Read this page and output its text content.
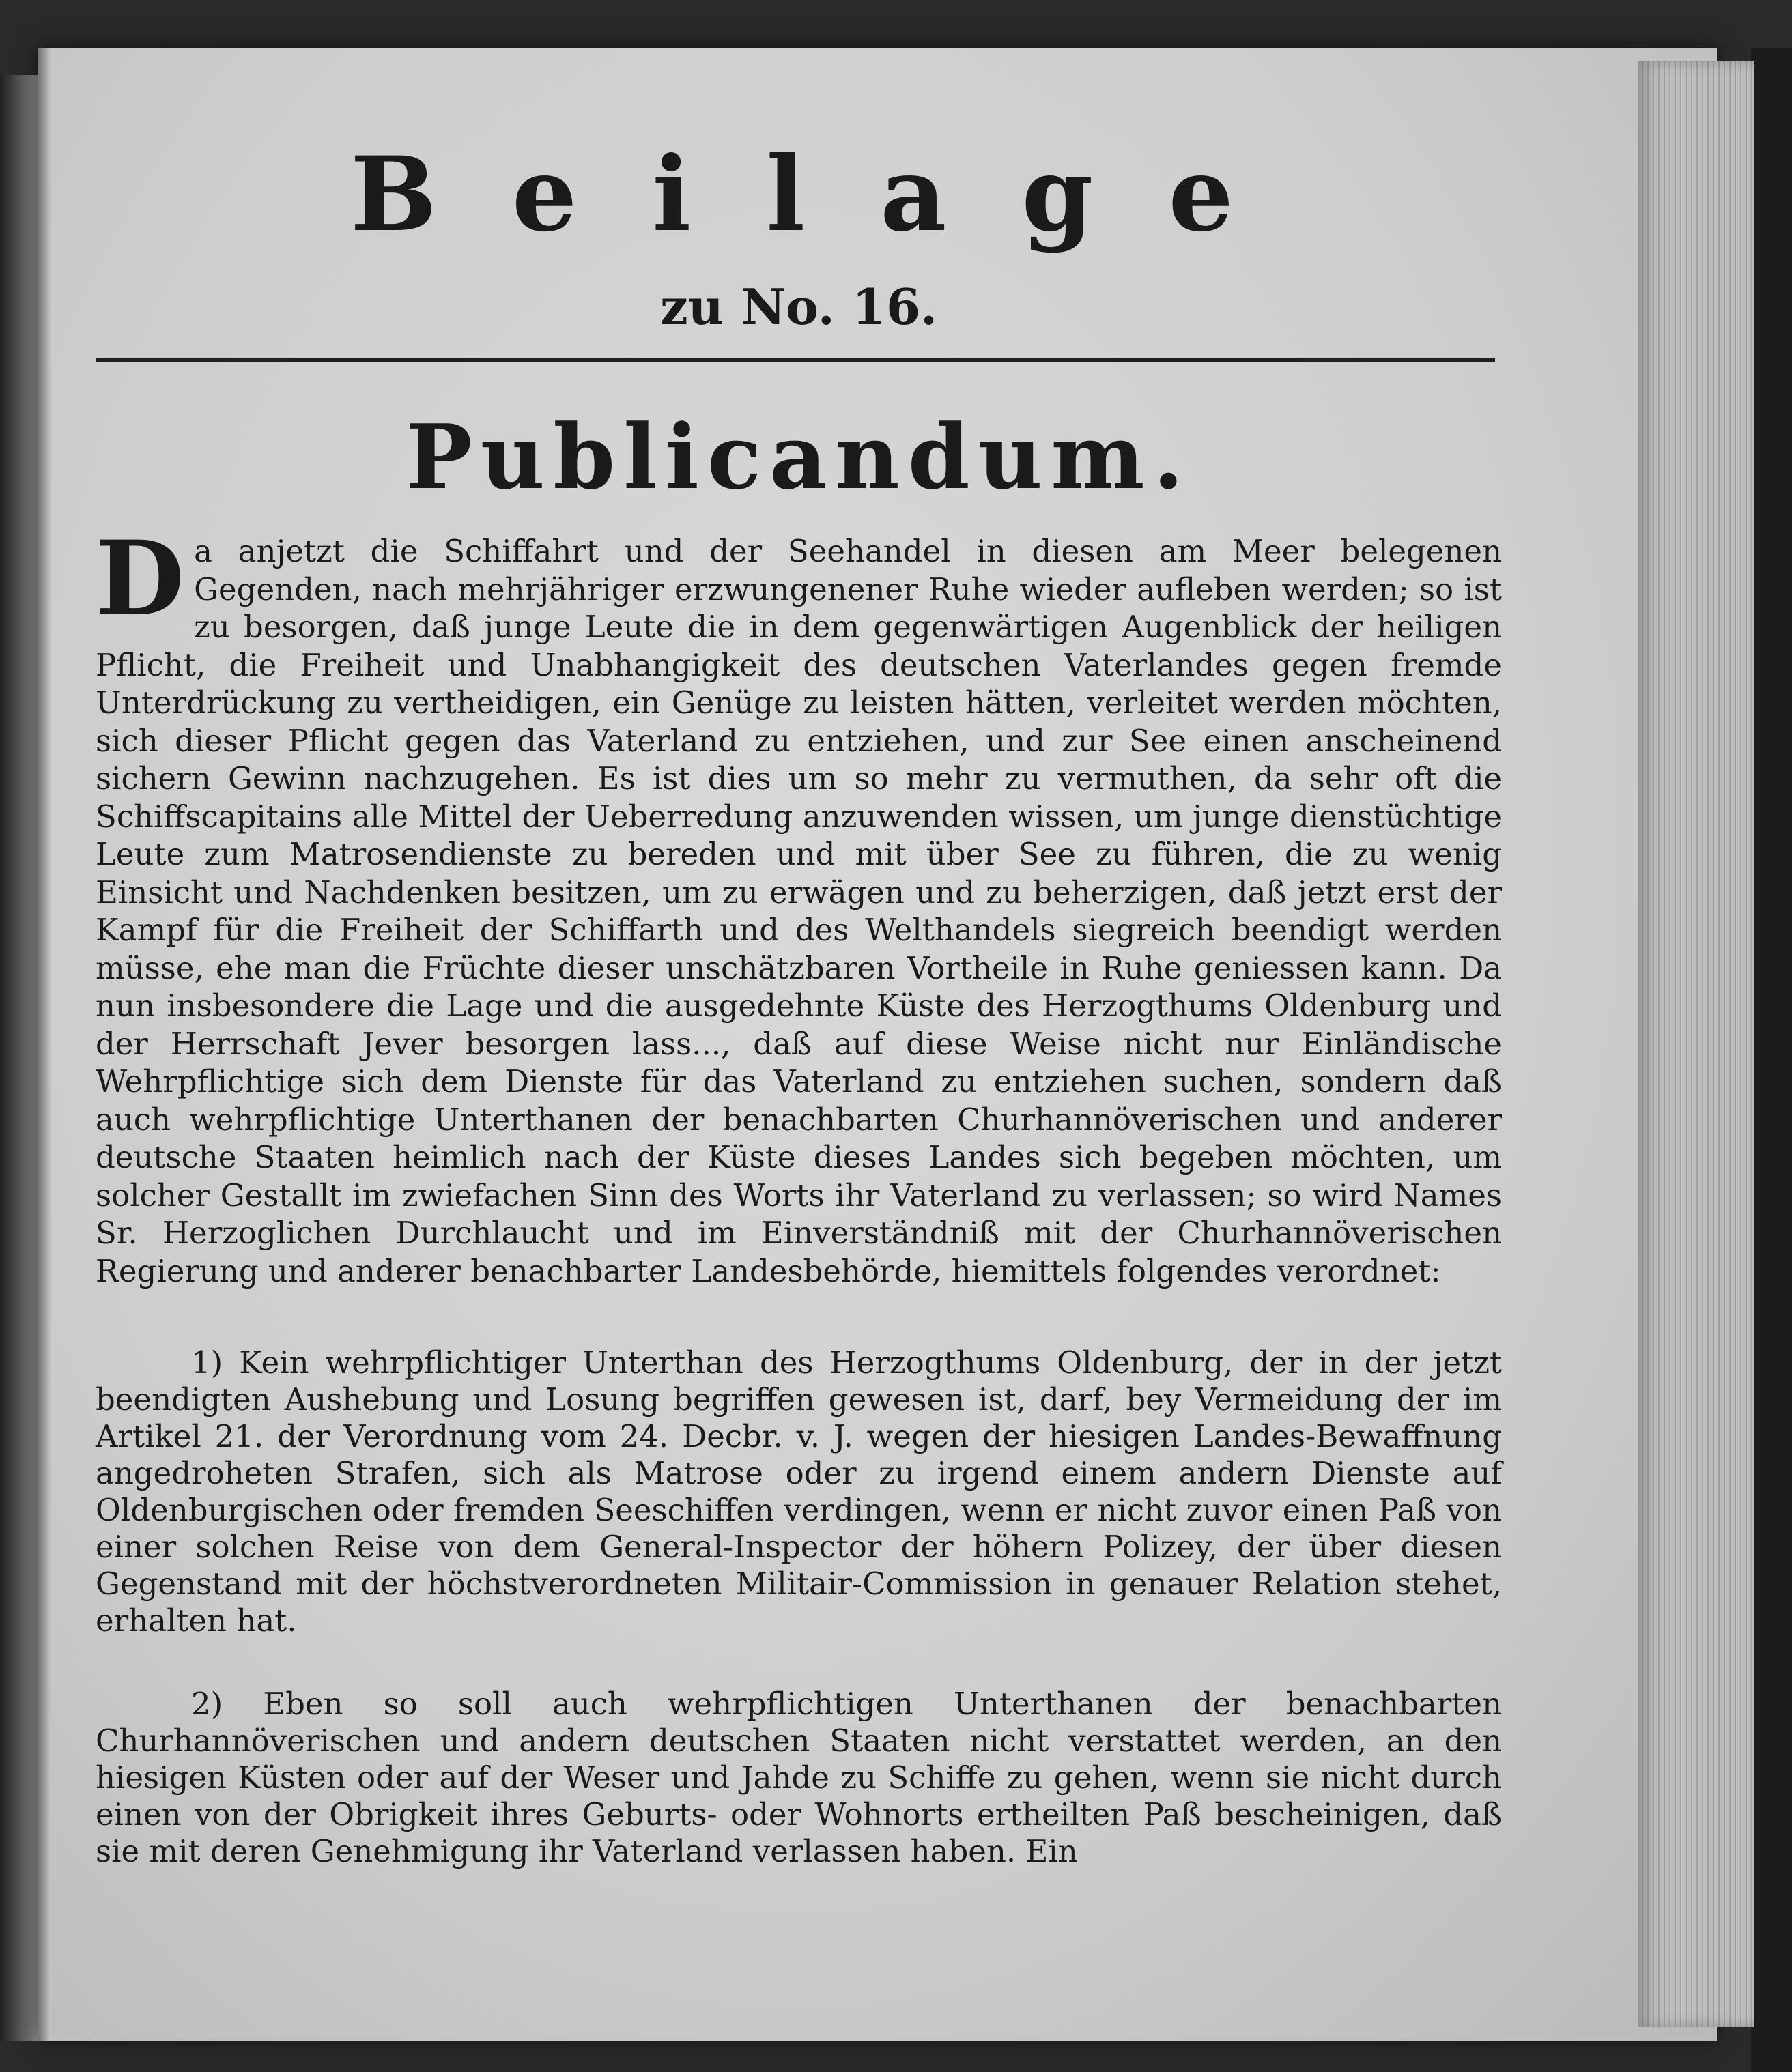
Beilage
zu No. 16.
Publicandum.
D a anjetzt die Schiffahrt und der Seehandel in diesen am Meer belegenen Gegenden, nach mehrjähriger erzwungenener Ruhe wieder aufleben werden; so ist zu besorgen, daß junge Leute die in dem gegenwärtigen Augenblick der heiligen Pflicht, die Freiheit und Unabhangigkeit des deutschen Vaterlandes gegen fremde Unterdrückung zu vertheidigen, ein Genüge zu leisten hätten, verleitet werden möchten, sich dieser Pflicht gegen das Vaterland zu entziehen, und zur See einen anscheinend sichern Gewinn nachzugehen. Es ist dies um so mehr zu vermuthen, da sehr oft die Schiffscapitains alle Mittel der Ueberredung anzuwenden wissen, um junge dienstüchtige Leute zum Matrosendienste zu bereden und mit über See zu führen, die zu wenig Einsicht und Nachdenken besitzen, um zu erwägen und zu beherzigen, daß jetzt erst der Kampf für die Freiheit der Schiffarth und des Welthandels siegreich beendigt werden müsse, ehe man die Früchte dieser unschätzbaren Vortheile in Ruhe geniessen kann. Da nun insbesondere die Lage und die ausgedehnte Küste des Herzogthums Oldenburg und der Herrschaft Jever besorgen lass..., daß auf diese Weise nicht nur Einländische Wehrpflichtige sich dem Dienste für das Vaterland zu entziehen suchen, sondern daß auch wehrpflichtige Unterthanen der benachbarten Churhannöverischen und anderer deutsche Staaten heimlich nach der Küste dieses Landes sich begeben möchten, um solcher Gestallt im zwiefachen Sinn des Worts ihr Vaterland zu verlassen; so wird Names Sr. Herzoglichen Durchlaucht und im Einverständniß mit der Churhannöverischen Regierung und anderer benachbarter Landesbehörde, hiemittels folgendes verordnet:
1) Kein wehrpflichtiger Unterthan des Herzogthums Oldenburg, der in der jetzt beendigten Aushebung und Losung begriffen gewesen ist, darf, bey Vermeidung der im Artikel 21. der Verordnung vom 24. Decbr. v. J. wegen der hiesigen Landes-Bewaffnung angedroheten Strafen, sich als Matrose oder zu irgend einem andern Dienste auf Oldenburgischen oder fremden Seeschiffen verdingen, wenn er nicht zuvor einen Paß von einer solchen Reise von dem General-Inspector der höhern Polizey, der über diesen Gegenstand mit der höchstverordneten Militair-Commission in genauer Relation stehet, erhalten hat.
2) Eben so soll auch wehrpflichtigen Unterthanen der benachbarten Churhannöverischen und andern deutschen Staaten nicht verstattet werden, an den hiesigen Küsten oder auf der Weser und Jahde zu Schiffe zu gehen, wenn sie nicht durch einen von der Obrigkeit ihres Geburts- oder Wohnorts ertheilten Paß bescheinigen, daß sie mit deren Genehmigung ihr Vaterland verlassen haben. Ein
